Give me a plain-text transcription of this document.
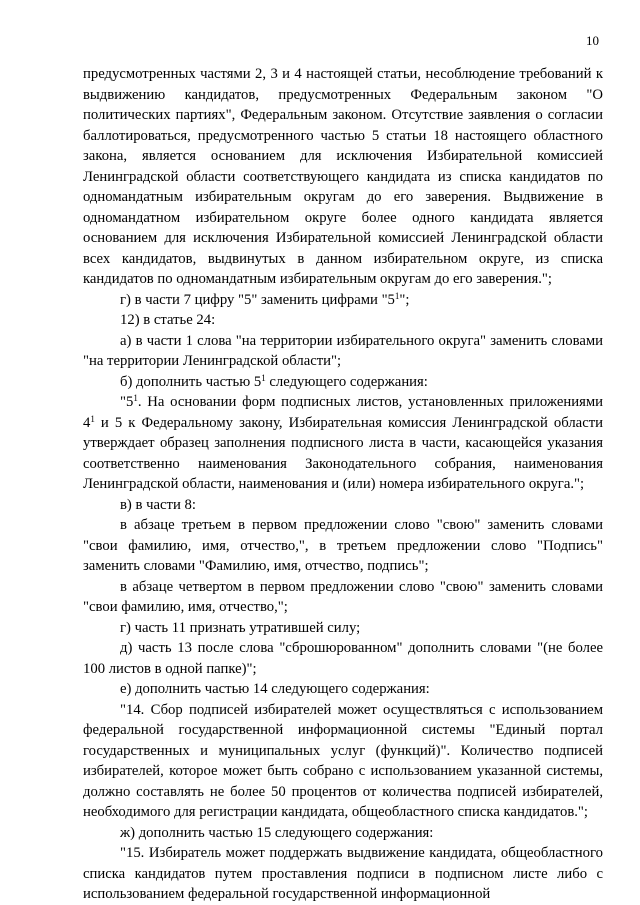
10

предусмотренных частями 2, 3 и 4 настоящей статьи, несоблюдение требований к выдвижению кандидатов, предусмотренных Федеральным законом "О политических партиях", Федеральным законом. Отсутствие заявления о согласии баллотироваться, предусмотренного частью 5 статьи 18 настоящего областного закона, является основанием для исключения Избирательной комиссией Ленинградской области соответствующего кандидата из списка кандидатов по одномандатным избирательным округам до его заверения. Выдвижение в одномандатном избирательном округе более одного кандидата является основанием для исключения Избирательной комиссией Ленинградской области всех кандидатов, выдвинутых в данном избирательном округе, из списка кандидатов по одномандатным избирательным округам до его заверения.";

г) в части 7 цифру "5" заменить цифрами "$5^1$";

12) в статье 24:

а) в части 1 слова "на территории избирательного округа" заменить словами "на территории Ленинградской области";

б) дополнить частью $5^1$ следующего содержания:

"$5^1$. На основании форм подписных листов, установленных приложениями $4^1$ и 5 к Федеральному закону, Избирательная комиссия Ленинградской области утверждает образец заполнения подписного листа в части, касающейся указания соответственно наименования Законодательного собрания, наименования Ленинградской области, наименования и (или) номера избирательного округа.";

в) в части 8:

в абзаце третьем в первом предложении слово "свою" заменить словами "свои фамилию, имя, отчество,", в третьем предложении слово "Подпись" заменить словами "Фамилию, имя, отчество, подпись";

в абзаце четвертом в первом предложении слово "свою" заменить словами "свои фамилию, имя, отчество,";

г) часть 11 признать утратившей силу;

д) часть 13 после слова "сброшюрованном" дополнить словами "(не более 100 листов в одной папке)";

е) дополнить частью 14 следующего содержания:

"14. Сбор подписей избирателей может осуществляться с использованием федеральной государственной информационной системы "Единый портал государственных и муниципальных услуг (функций)". Количество подписей избирателей, которое может быть собрано с использованием указанной системы, должно составлять не более 50 процентов от количества подписей избирателей, необходимого для регистрации кандидата, общеобластного списка кандидатов.";

ж) дополнить частью 15 следующего содержания:

"15. Избиратель может поддержать выдвижение кандидата, общеобластного списка кандидатов путем проставления подписи в подписном листе либо с использованием федеральной государственной информационной
